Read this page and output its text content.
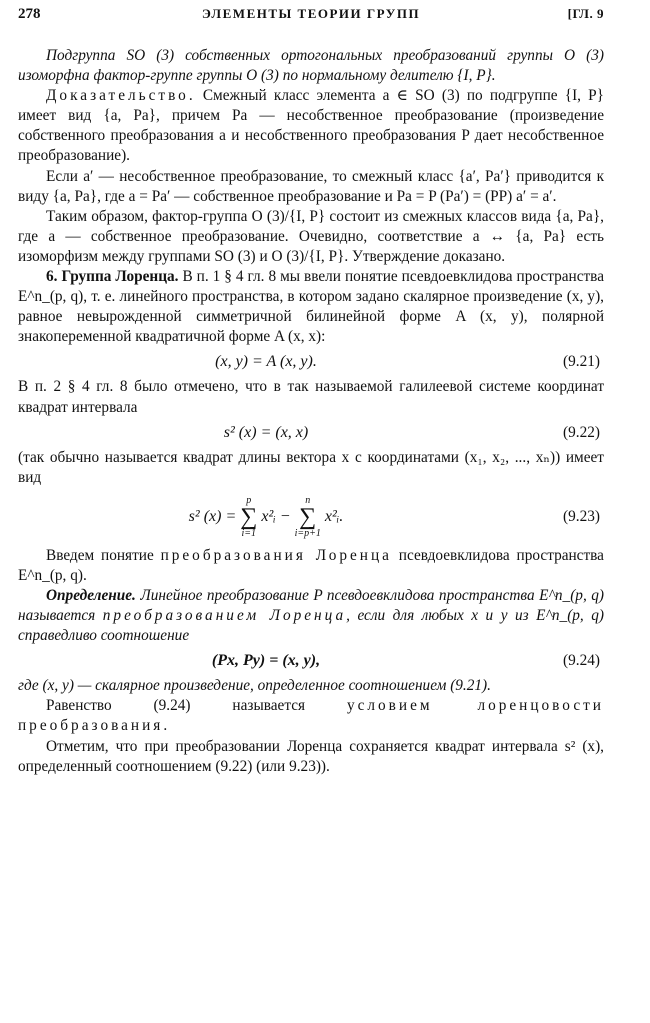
278	ЭЛЕМЕНТЫ ТЕОРИИ ГРУПП	[ГЛ. 9

Подгруппа SO (3) собственных ортогональных преобразований группы O (3) изоморфна фактор-группе группы O (3) по нормальному делителю {I, P}.

Доказательство. Смежный класс элемента a ∈ SO (3) по подгруппе {I, P} имеет вид {a, Pa}, причем Pa — несобственное преобразование (произведение собственного преобразования a и несобственного преобразования P дает несобственное преобразование).

Если a′ — несобственное преобразование, то смежный класс {a′, Pa′} приводится к виду {a, Pa}, где a = Pa′ — собственное преобразование и Pa = P (Pa′) = (PP) a′ = a′.

Таким образом, фактор-группа O (3)/{I, P} состоит из смежных классов вида {a, Pa}, где a — собственное преобразование. Очевидно, соответствие a ↔ {a, Pa} есть изоморфизм между группами SO (3) и O (3)/{I, P}. Утверждение доказано.

6. Группа Лоренца. В п. 1 § 4 гл. 8 мы ввели понятие псевдоевклидова пространства E^n_(p, q), т. е. линейного пространства, в котором задано скалярное произведение (x, y), равное невырожденной симметричной билинейной форме A (x, y), полярной знакопеременной квадратичной форме A (x, x):

(x, y) = A (x, y).	(9.21)

В п. 2 § 4 гл. 8 было отмечено, что в так называемой галилеевой системе координат квадрат интервала

s² (x) = (x, x)	(9.22)

(так обычно называется квадрат длины вектора x с координатами (x₁, x₂, ..., xₙ)) имеет вид

s² (x) =
p
∑
i=1
x²ᵢ −
n
∑
i=p+1
x²ᵢ.	(9.23)

Введем понятие преобразования Лоренца псевдоевклидова пространства E^n_(p, q).

Определение. Линейное преобразование P псевдоевклидова пространства E^n_(p, q) называется преобразованием Лоренца, если для любых x и y из E^n_(p, q) справедливо соотношение

(Px, Py) = (x, y),	(9.24)

где (x, y) — скалярное произведение, определенное соотношением (9.21).

Равенство (9.24) называется условием лоренцовости преобразования.

Отметим, что при преобразовании Лоренца сохраняется квадрат интервала s² (x), определенный соотношением (9.22) (или 9.23)).
